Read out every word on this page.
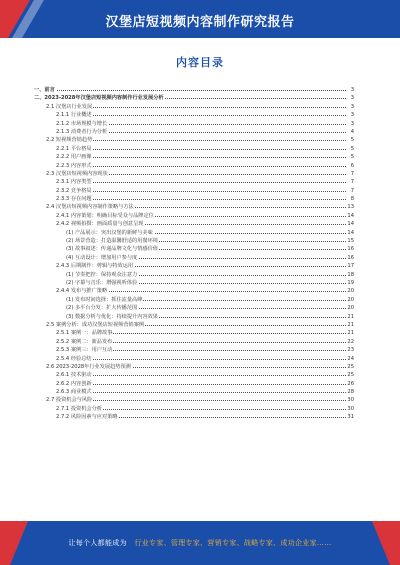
汉堡店短视频内容制作研究报告
内容目录
一、前言	3
二、2023-2028年汉堡店短视频内容制作行业发展分析	3
2.1 汉堡店行业发展	3
2.1.1 行业概述	3
2.1.2 市场规模与增长	3
2.1.3 消费者行为分析	4
2.2 短视频营销趋势	5
2.2.1 平台格局	5
2.2.2 用户画像	5
2.2.3 内容形式	6
2.3 汉堡店短视频内容现状	7
2.3.1 内容类型	7
2.3.2 竞争格局	7
2.3.3 存在问题	8
2.4 汉堡店短视频内容制作策略与方法	13
2.4.1 内容策划：明确目标受众与品牌定位	14
2.4.2 视频拍摄：画面质量与创意呈现	14
(1) 产品展示：突出汉堡的新鲜与美味	14
(2) 场景营造：打造温馨舒适的用餐环境	15
(3) 故事叙述：传递品牌文化与情感价值	16
(4) 互动设计：增加用户参与度	16
2.4.3 后期制作：剪辑与特效运用	17
(1) 节奏把控：保持观众注意力	18
(2) 字幕与音乐：增强视听体验	19
2.4.4 发布与推广策略	20
(1) 发布时间选择：抓住流量高峰	20
(2) 多平台分发：扩大传播范围	20
(3) 数据分析与优化：持续提升内容效果	21
2.5 案例分析：成功汉堡店短视频营销案例	21
2.5.1 案例一：品牌故事	21
2.5.2 案例二：新品发布	22
2.5.3 案例三：用户互动	23
2.5.4 经验总结	24
2.6 2023-2028年行业发展趋势预测	25
2.6.1 技术驱动	25
2.6.2 内容创新	26
2.6.3 商业模式	28
2.7 投资机会与风险	30
2.7.1 投资机会分析	30
2.7.2 风险因素与应对策略	31
让每个人都能成为 行业专家、管理专家、营销专家、战略专家、成功企业家……
